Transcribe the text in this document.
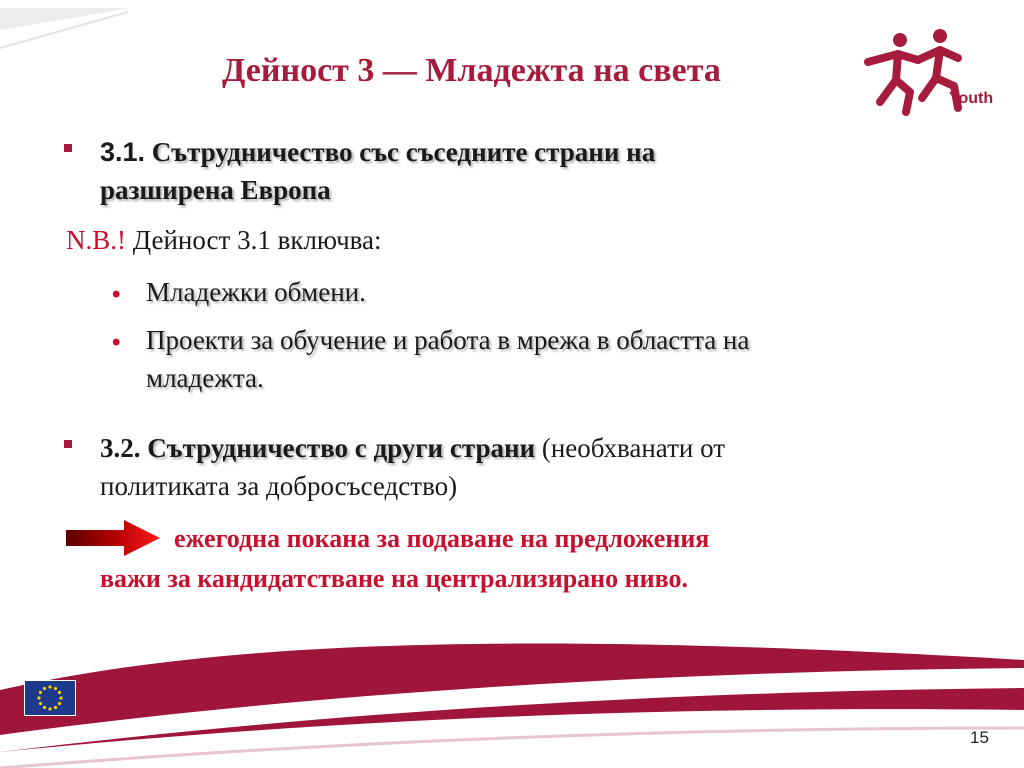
Дейност 3 — Младежта на света
Youth
3.1. Сътрудничество със съседните страни на
разширена Европа
N.B.! Дейност 3.1 включва:
• Младежки обмени.
• Проекти за обучение и работа в мрежа в областта на
младежта.
3.2. Сътрудничество с други страни (необхванати от
политиката за добросъседство)
ежегодна покана за подаване на предложения
важи за кандидатстване на централизирано ниво.
15
